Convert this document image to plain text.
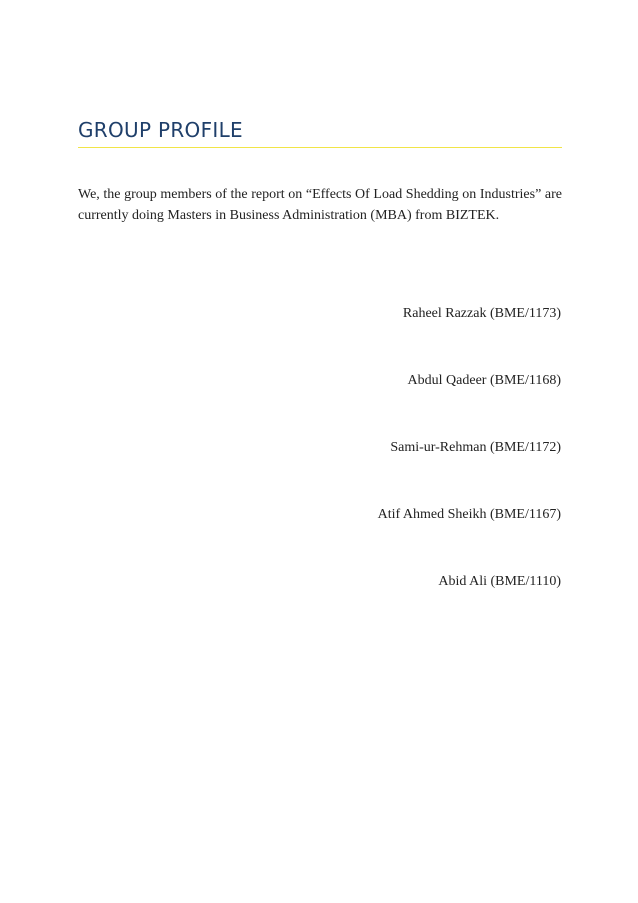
GROUP PROFILE

We, the group members of the report on “Effects Of Load Shedding on Industries” are currently doing Masters in Business Administration (MBA) from BIZTEK.

Raheel Razzak (BME/1173)
Abdul Qadeer (BME/1168)
Sami-ur-Rehman (BME/1172)
Atif Ahmed Sheikh (BME/1167)
Abid Ali (BME/1110)
